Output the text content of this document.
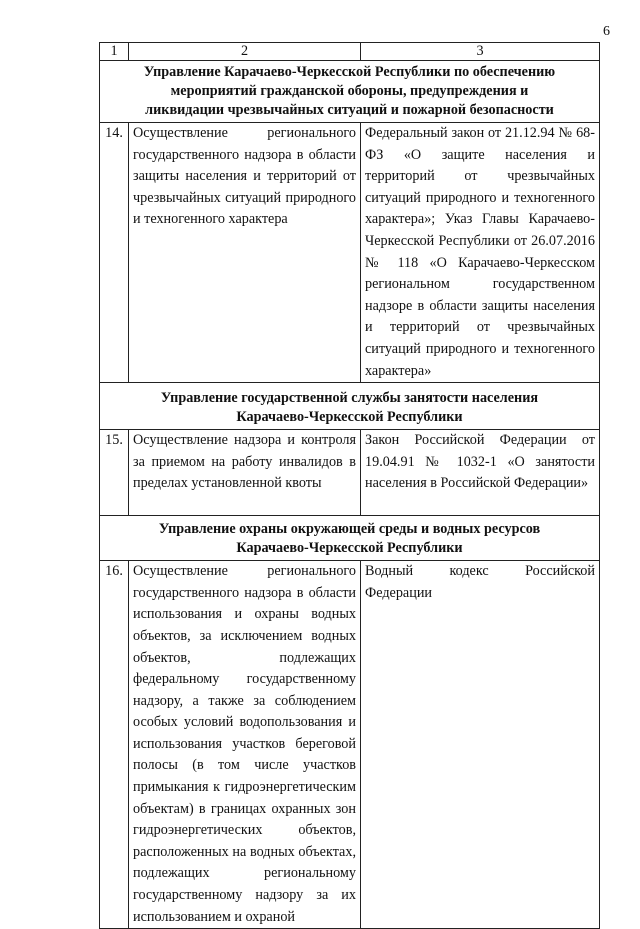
6
1	2	3

Управление Карачаево-Черкесской Республики по обеспечению
мероприятий гражданской обороны, предупреждения и
ликвидации чрезвычайных ситуаций и пожарной безопасности		

14.	Осуществление регионального государственного надзора в области защиты населения и территорий от чрезвычайных ситуаций природного и техногенного характера	Федеральный закон от 21.12.94 № 68-ФЗ «О защите населения и территорий от чрезвычайных ситуаций природного и техногенного характера»; Указ Главы Карачаево-Черкесской Республики от 26.07.2016 № 118 «О Карачаево-Черкесском региональном государственном надзоре в области защиты населения и территорий от чрезвычайных ситуаций природного и техногенного характера»

Управление государственной службы занятости населения
Карачаево-Черкесской Республики		

15.	Осуществление надзора и контроля за приемом на работу инвалидов в пределах установленной квоты	Закон Российской Федерации от 19.04.91 № 1032-1 «О занятости населения в Российской Федерации»

Управление охраны окружающей среды и водных ресурсов
Карачаево-Черкесской Республики		

16.	Осуществление регионального государственного надзора в области использования и охраны водных объектов, за исключением водных объектов, подлежащих федеральному государственному надзору, а также за соблюдением особых условий водопользования и использования участков береговой полосы (в том числе участков примыкания к гидроэнергетическим объектам) в границах охранных зон гидроэнергетических объектов, расположенных на водных объектах, подлежащих региональному государственному надзору за их использованием и охраной	Водный кодекс Российской Федерации
